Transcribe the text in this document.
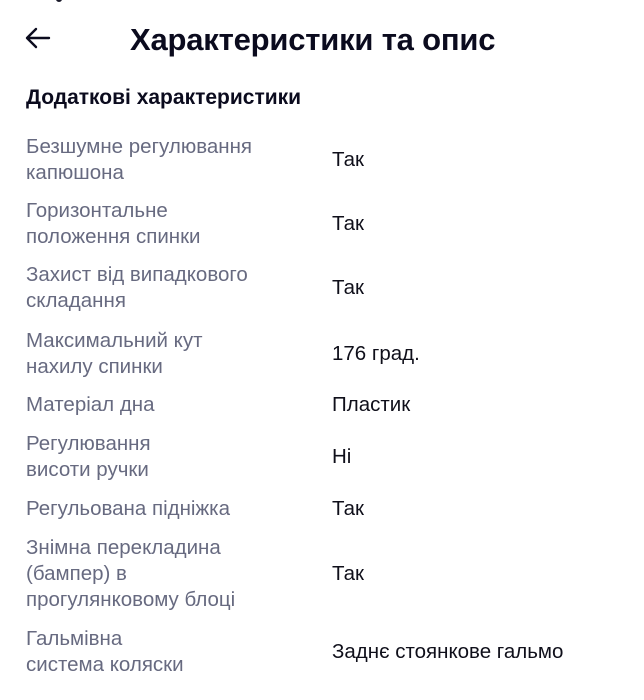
Характеристики та опис
Додаткові характеристики
Безшумне регулювання
капюшона
Так
Горизонтальне
положення спинки
Так
Захист від випадкового
складання
Так
Максимальний кут
нахилу спинки
176 град.
Матеріал дна	Пластик
Регулювання
висоти ручки
Ні
Регульована підніжка	Так
Знімна перекладина
(бампер) в
прогулянковому блоці
Так
Гальмівна
система коляски
Заднє стоянкове гальмо
